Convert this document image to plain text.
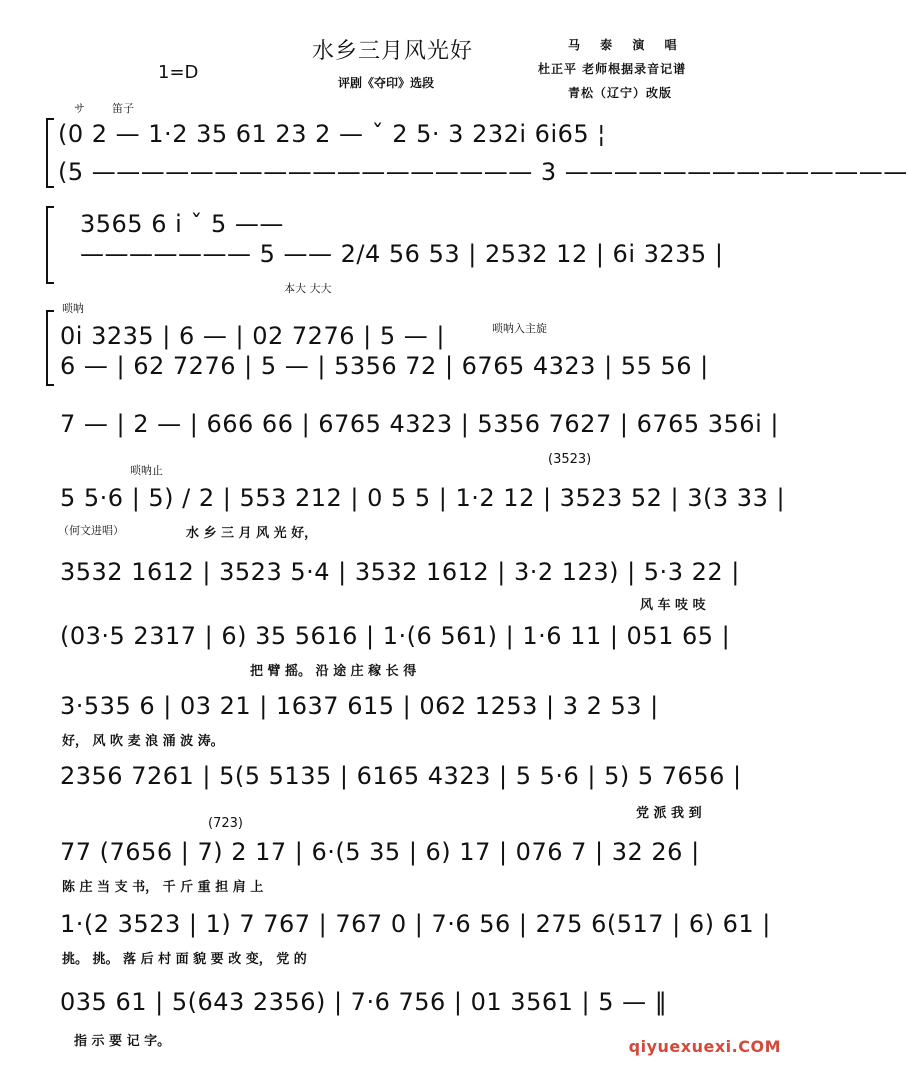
水乡三月风光好
评剧《夺印》选段
1=D
马 泰 演 唱
杜正平 老师根据录音记谱
青松（辽宁）改版
サ 笛子
(0 2 — 1·2 35 61 23 2 — ˇ 2 5· 3 232i 6i65 ¦
(5 —————————————————— 3 ——————————————
3565 6 i ˇ 5 ——
——————— 5 —— 2/4 56 53 | 2532 12 | 6i 3235 |
本大 大大
唢呐
唢呐入主旋
0i 3235 | 6 — | 02 7276 | 5 — |
6 — | 62 7276 | 5 — | 5356 72 | 6765 4323 | 55 56 |
7 — | 2 — | 666 66 | 6765 4323 | 5356 7627 | 6765 356i |
唢呐止
(3523)
5 5·6 | 5) / 2 | 553 212 | 0 5 5 | 1·2 12 | 3523 52 | 3(3 33 |
（何文进唱）	水 乡 三 月 风 光 好，
3532 1612 | 3523 5·4 | 3532 1612 | 3·2 123) | 5·3 22 |
风 车 吱 吱
(03·5 2317 | 6) 35 5616 | 1·(6 561) | 1·6 11 | 051 65 |
把 臂 摇。 沿 途 庄 稼 长 得
3·535 6 | 03 21 | 1637 615 | 062 1253 | 3 2 53 |
好， 风 吹 麦 浪 涌 波 涛。
2356 7261 | 5(5 5135 | 6165 4323 | 5 5·6 | 5) 5 7656 |
党 派 我 到
(723)
77 (7656 | 7) 2 17 | 6·(5 35 | 6) 17 | 076 7 | 32 26 |
陈 庄 当 支 书， 千 斤 重 担 肩 上
1·(2 3523 | 1) 7 767 | 767 0 | 7·6 56 | 275 6(517 | 6) 61 |
挑。 挑。 落 后 村 面 貌 要 改 变， 党 的
035 61 | 5(643 2356) | 7·6 756 | 01 3561 | 5 — ‖
指 示 要 记 字。	qiyuexuexi.COM
